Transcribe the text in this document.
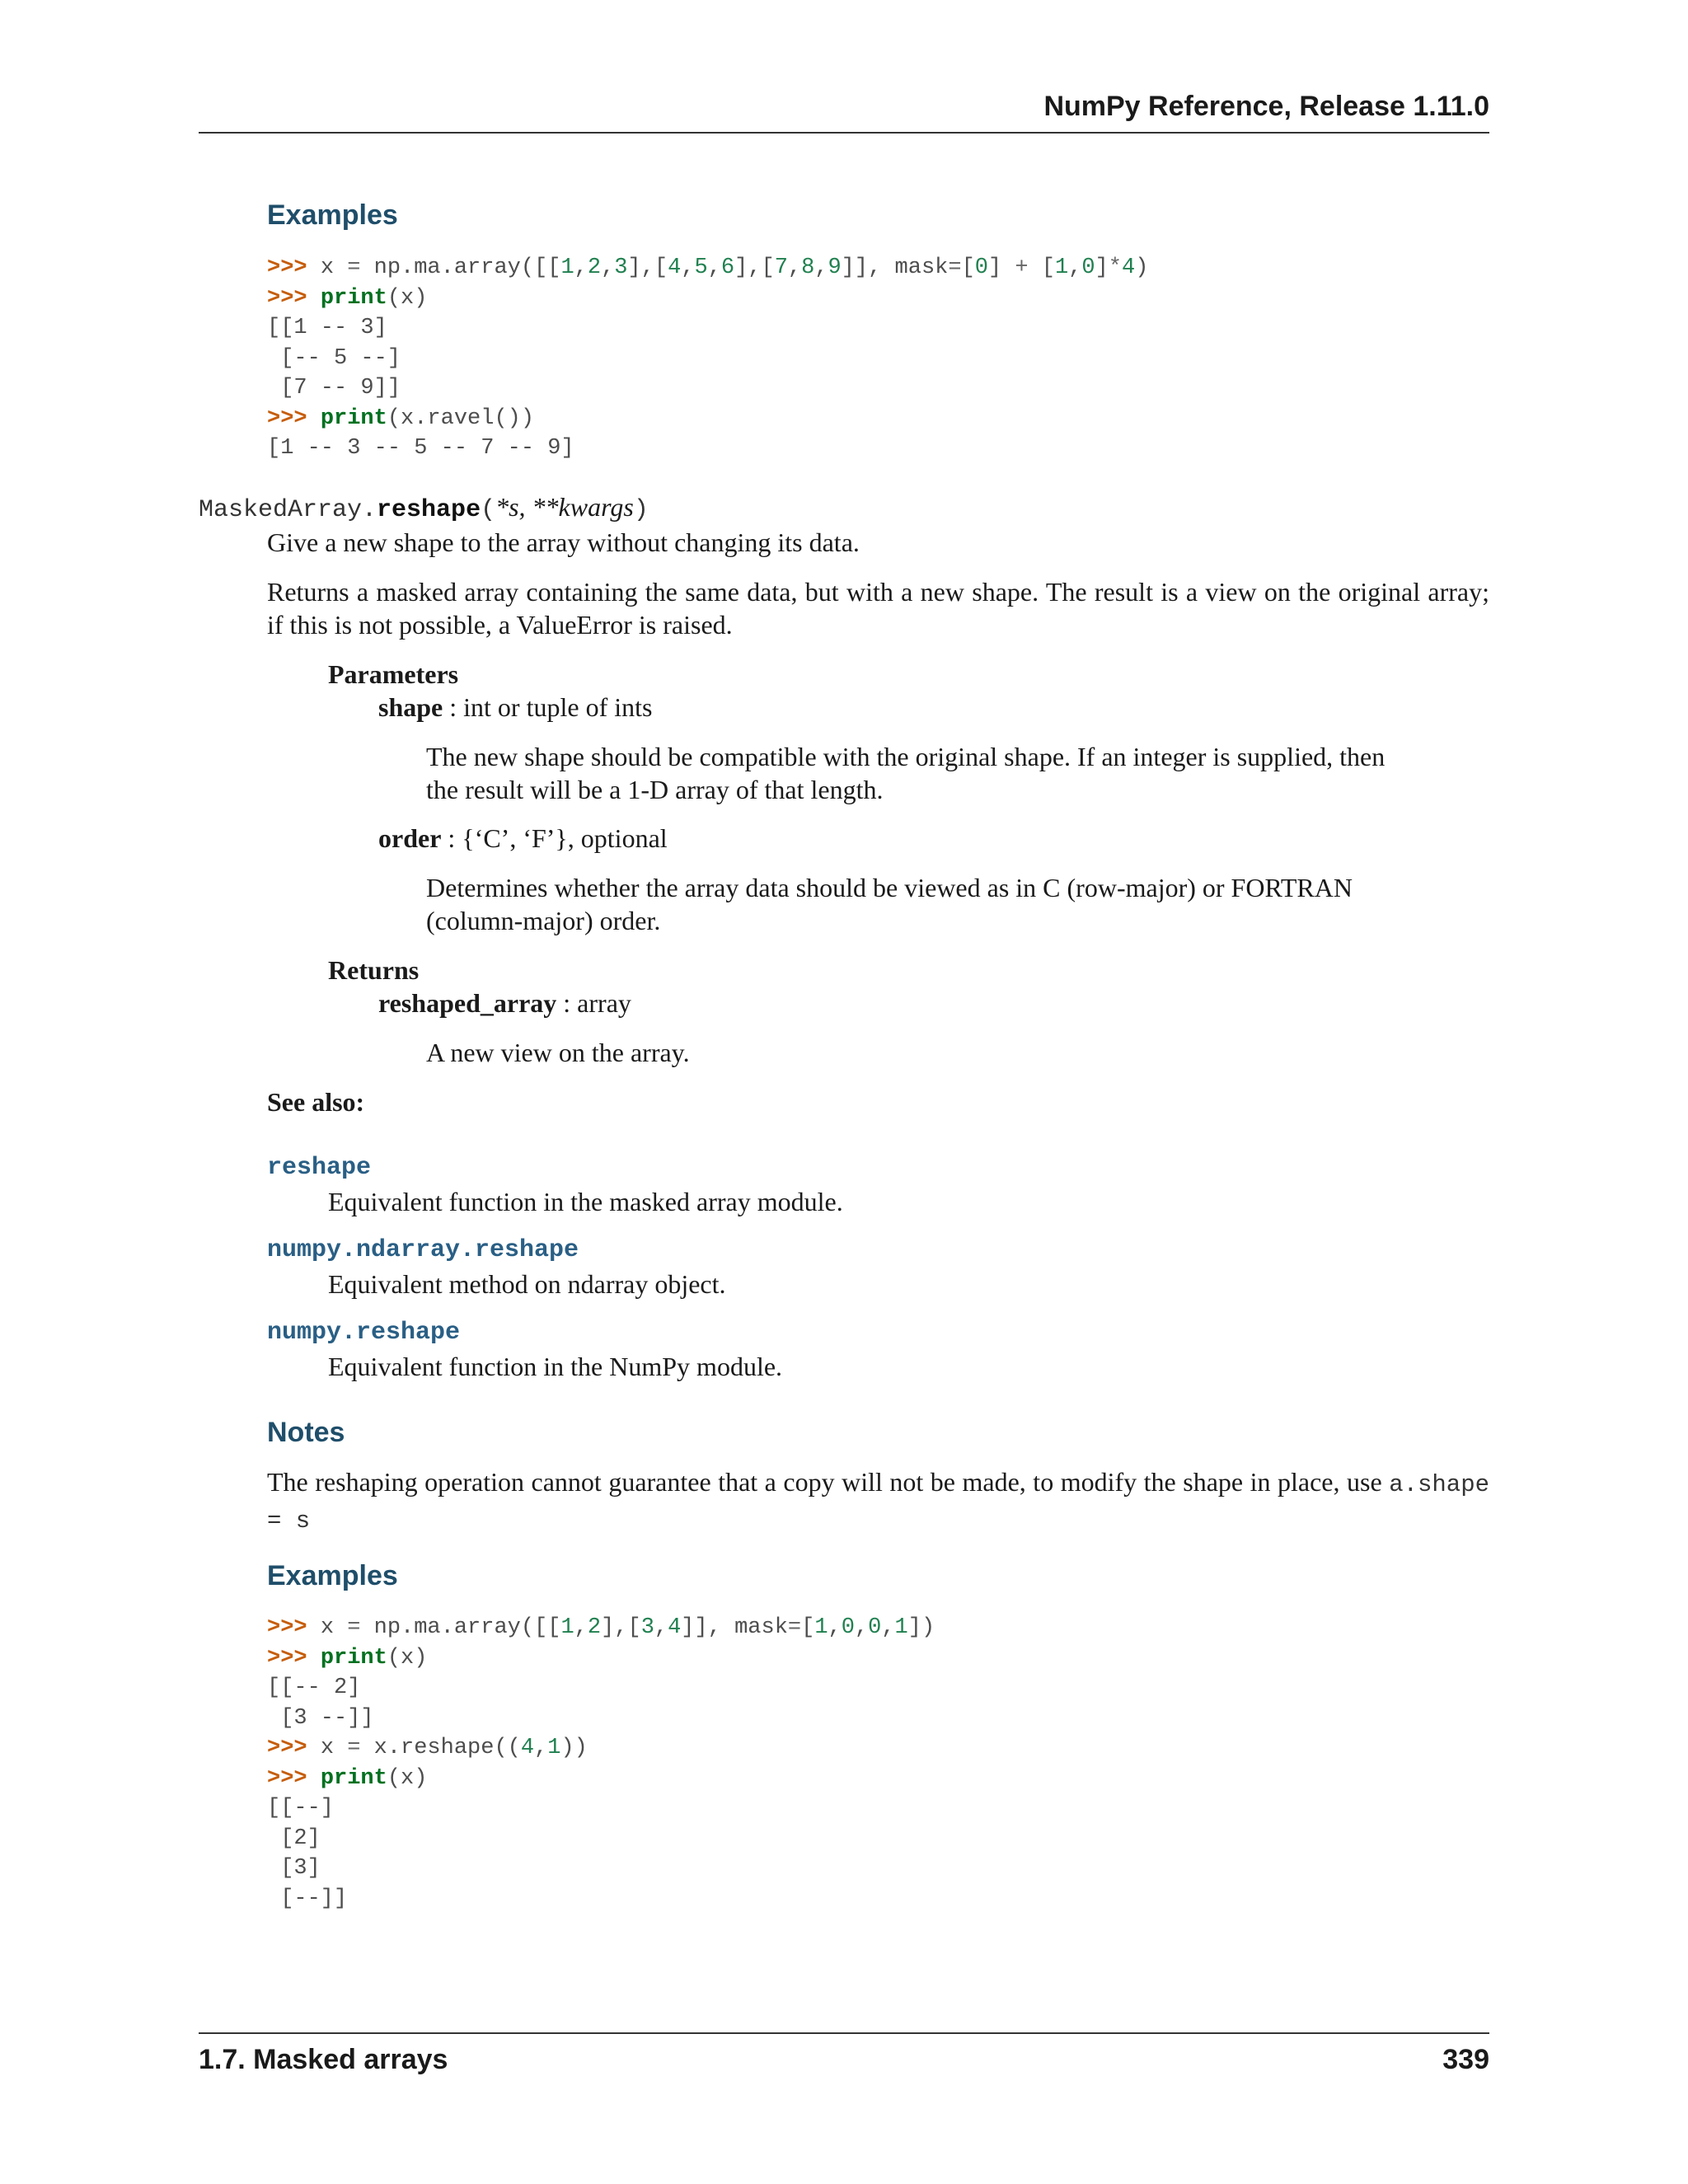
NumPy Reference, Release 1.11.0
Examples
>>> x = np.ma.array([[1,2,3],[4,5,6],[7,8,9]], mask=[0] + [1,0]*4)
>>> print(x)
[[1 -- 3]
[-- 5 --]
[7 -- 9]]
>>> print(x.ravel())
[1 -- 3 -- 5 -- 7 -- 9]
MaskedArray.reshape(*s, **kwargs)
Give a new shape to the array without changing its data.
Returns a masked array containing the same data, but with a new shape. The result is a view on the original array; if this is not possible, a ValueError is raised.
Parameters
shape : int or tuple of ints
The new shape should be compatible with the original shape. If an integer is supplied, then the result will be a 1-D array of that length.
order : {‘C’, ‘F’}, optional
Determines whether the array data should be viewed as in C (row-major) or FORTRAN (column-major) order.
Returns
reshaped_array : array
A new view on the array.
See also:
reshape
Equivalent function in the masked array module.
numpy.ndarray.reshape
Equivalent method on ndarray object.
numpy.reshape
Equivalent function in the NumPy module.
Notes
The reshaping operation cannot guarantee that a copy will not be made, to modify the shape in place, use a.shape = s
Examples
>>> x = np.ma.array([[1,2],[3,4]], mask=[1,0,0,1])
>>> print(x)
[[-- 2]
[3 --]]
>>> x = x.reshape((4,1))
>>> print(x)
[[--]
[2]
[3]
[--]]
1.7. Masked arrays	339
